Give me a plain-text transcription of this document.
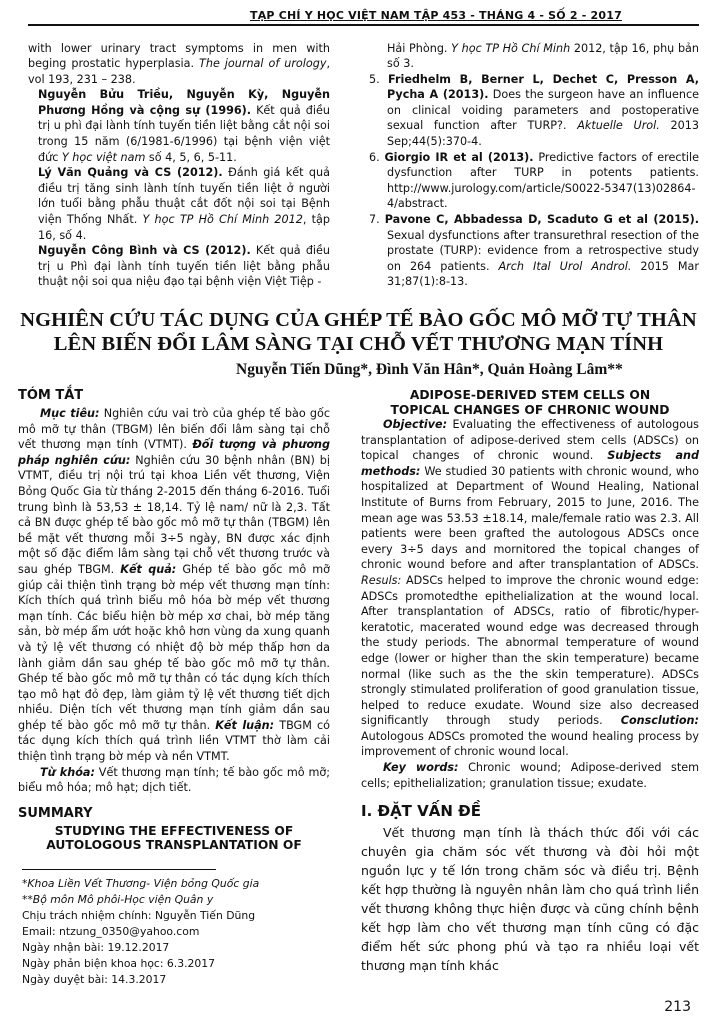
TẠP CHÍ Y HỌC VIỆT NAM TẬP 453 - THÁNG 4 - SỐ 2 - 2017

with lower urinary tract symptoms in men with beging prostatic hyperplasia. The journal of urology, vol 193, 231 – 238.

Nguyễn Bửu Triều, Nguyễn Kỳ, Nguyễn Phương Hồng và cộng sự (1996). Kết quả điều trị u phì đại lành tính tuyến tiền liệt bằng cắt nội soi trong 15 năm (6/1981-6/1996) tại bệnh viện việt đức Y học việt nam số 4, 5, 6, 5-11.

Lý Văn Quảng và CS (2012). Đánh giá kết quả điều trị tăng sinh lành tính tuyến tiền liệt ở người lớn tuổi bằng phẫu thuật cắt đốt nội soi tại Bệnh viện Thống Nhất. Y học TP Hồ Chí Minh 2012, tập 16, số 4.

Nguyễn Công Bình và CS (2012). Kết quả điều trị u Phì đại lành tính tuyến tiền liệt bằng phẫu thuật nội soi qua niệu đạo tại bệnh viện Việt Tiệp -

Hải Phòng. Y học TP Hồ Chí Minh 2012, tập 16, phụ bản số 3.

5. Friedhelm B, Berner L, Dechet C, Presson A, Pycha A (2013). Does the surgeon have an influence on clinical voiding parameters and postoperative sexual function after TURP?. Aktuelle Urol. 2013 Sep;44(5):370-4.

6. Giorgio IR et al (2013). Predictive factors of erectile dysfunction after TURP in potents patients. http://www.jurology.com/article/S0022-5347(13)02864-4/abstract.

7. Pavone C, Abbadessa D, Scaduto G et al (2015). Sexual dysfunctions after transurethral resection of the prostate (TURP): evidence from a retrospective study on 264 patients. Arch Ital Urol Androl. 2015 Mar 31;87(1):8-13.

NGHIÊN CỨU TÁC DỤNG CỦA GHÉP TẾ BÀO GỐC MÔ MỠ TỰ THÂN
LÊN BIẾN ĐỔI LÂM SÀNG TẠI CHỖ VẾT THƯƠNG MẠN TÍNH
Nguyễn Tiến Dũng*, Đình Văn Hân*, Quản Hoàng Lâm**
TÓM TẮT

Mục tiêu: Nghiên cứu vai trò của ghép tế bào gốc mô mỡ tự thân (TBGM) lên biến đổi lâm sàng tại chỗ vết thương mạn tính (VTMT). Đối tượng và phương pháp nghiên cứu: Nghiên cứu 30 bệnh nhân (BN) bị VTMT, điều trị nội trú tại khoa Liền vết thương, Viện Bỏng Quốc Gia từ tháng 2-2015 đến tháng 6-2016. Tuổi trung bình là 53,53 ± 18,14. Tỷ lệ nam/ nữ là 2,3. Tất cả BN được ghép tế bào gốc mô mỡ tự thân (TBGM) lên bề mặt vết thương mỗi 3÷5 ngày, BN được xác định một số đặc điểm lâm sàng tại chỗ vết thương trước và sau ghép TBGM. Kết quả: Ghép tế bào gốc mô mỡ giúp cải thiện tình trạng bờ mép vết thương mạn tính: Kích thích quá trình biểu mô hóa bờ mép vết thương mạn tính. Các biểu hiện bờ mép xơ chai, bờ mép tăng sản, bờ mép ẩm ướt hoặc khô hơn vùng da xung quanh và tỷ lệ vết thương có nhiệt độ bờ mép thấp hơn da lành giảm dần sau ghép tế bào gốc mô mỡ tự thân. Ghép tế bào gốc mô mỡ tự thân có tác dụng kích thích tạo mô hạt đỏ đẹp, làm giảm tỷ lệ vết thương tiết dịch nhiều. Diện tích vết thương mạn tính giảm dần sau ghép tế bào gốc mô mỡ tự thân. Kết luận: TBGM có tác dụng kích thích quá trình liền VTMT thờ làm cải thiện tình trạng bờ mép và nền VTMT.

Từ khóa: Vết thương mạn tính; tế bào gốc mô mỡ; biểu mô hóa; mô hạt; dịch tiết.

SUMMARY
STUDYING THE EFFECTIVENESS OF
AUTOLOGOUS TRANSPLANTATION OF
*Khoa Liền Vết Thương- Viện bỏng Quốc gia
**Bộ môn Mô phôi-Học viện Quân y
Chịu trách nhiệm chính: Nguyễn Tiến Dũng
Email: ntzung_0350@yahoo.com
Ngày nhận bài: 19.12.2017
Ngày phản biện khoa học: 6.3.2017
Ngày duyệt bài: 14.3.2017
ADIPOSE-DERIVED STEM CELLS ON
TOPICAL CHANGES OF CHRONIC WOUND

Objective: Evaluating the effectiveness of autologous transplantation of adipose-derived stem cells (ADSCs) on topical changes of chronic wound. Subjects and methods: We studied 30 patients with chronic wound, who hospitalized at Department of Wound Healing, National Institute of Burns from February, 2015 to June, 2016. The mean age was 53.53 ±18.14, male/female ratio was 2.3. All patients were been grafted the autologous ADSCs once every 3÷5 days and mornitored the topical changes of chronic wound before and after transplantation of ADSCs. Resuls: ADSCs helped to improve the chronic wound edge: ADSCs promotedthe epithelialization at the wound local. After transplantation of ADSCs, ratio of fibrotic/hyper-keratotic, macerated wound edge was decreased through the study periods. The abnormal temperature of wound edge (lower or higher than the skin temperature) became normal (like such as the the skin temperature). ADSCs strongly stimulated proliferation of good granulation tissue, helped to reduce exudate. Wound size also decreased significantly through study periods. Consclution: Autologous ADSCs promoted the wound healing process by improvement of chronic wound local.

Key words: Chronic wound; Adipose-derived stem cells; epithelialization; granulation tissue; exudate.

I. ĐẶT VẤN ĐỀ

Vết thương mạn tính là thách thức đối với các chuyên gia chăm sóc vết thương và đòi hỏi một nguồn lực y tế lớn trong chăm sóc và điều trị. Bệnh kết hợp thường là nguyên nhân làm cho quá trình liền vết thương không thực hiện được và cũng chính bệnh kết hợp làm cho vết thương mạn tính cũng có đặc điểm hết sức phong phú và tạo ra nhiều loại vết thương mạn tính khác

213
